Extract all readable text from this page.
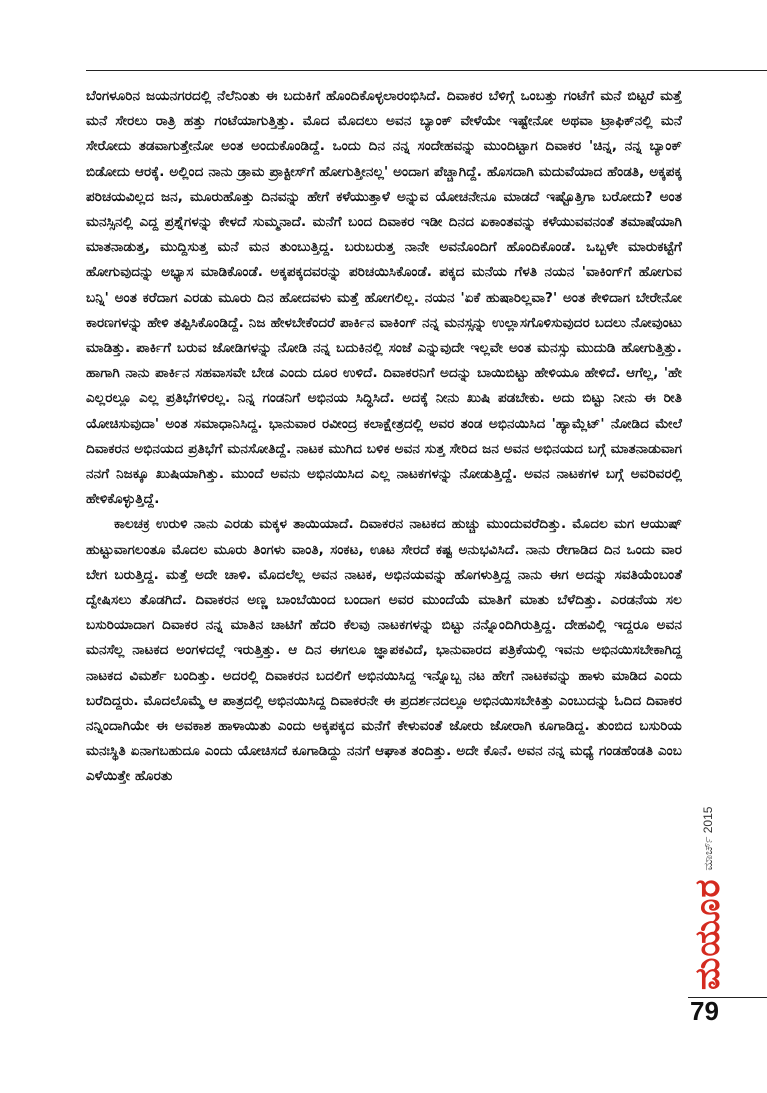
ಬೆಂಗಳೂರಿನ ಜಯನಗರದಲ್ಲಿ ನೆಲೆನಿಂತು ಈ ಬದುಕಿಗೆ ಹೊಂದಿಕೊಳ್ಳಲಾರಂಭಿಸಿದೆ. ದಿವಾಕರ ಬೆಳಿಗ್ಗೆ ಒಂಬತ್ತು ಗಂಟೆಗೆ ಮನೆ ಬಿಟ್ಟರೆ ಮತ್ತೆ ಮನೆ ಸೇರಲು ರಾತ್ರಿ ಹತ್ತು ಗಂಟೆಯಾಗುತ್ತಿತ್ತು. ಮೊದ ಮೊದಲು ಅವನ ಬ್ಯಾಂಕ್ ವೇಳೆಯೇ ಇಷ್ಟೇನೋ ಅಥವಾ ಟ್ರಾಫಿಕ್‌ನಲ್ಲಿ ಮನೆ ಸೇರೋದು ತಡವಾಗುತ್ತೇನೋ ಅಂತ ಅಂದುಕೊಂಡಿದ್ದೆ. ಒಂದು ದಿನ ನನ್ನ ಸಂದೇಹವನ್ನು ಮುಂದಿಟ್ಟಾಗ ದಿವಾಕರ 'ಚಿನ್ನ, ನನ್ನ ಬ್ಯಾಂಕ್ ಬಿಡೋದು ಆರಕ್ಕೆ. ಅಲ್ಲಿಂದ ನಾನು ಡ್ರಾಮ ಪ್ರಾಕ್ಟೀಸ್‌ಗೆ ಹೋಗುತ್ತೀನಲ್ಲ' ಅಂದಾಗ ಪೆಚ್ಚಾಗಿದ್ದೆ. ಹೊಸದಾಗಿ ಮದುವೆಯಾದ ಹೆಂಡತಿ, ಅಕ್ಕಪಕ್ಕ ಪರಿಚಯವಿಲ್ಲದ ಜನ, ಮೂರುಹೊತ್ತು ದಿನವನ್ನು ಹೇಗೆ ಕಳೆಯುತ್ತಾಳೆ ಅನ್ನುವ ಯೋಚನೇನೂ ಮಾಡದೆ ಇಷ್ಟೊತ್ತಿಗಾ ಬರೋದು? ಅಂತ ಮನಸ್ಸಿನಲ್ಲಿ ಎದ್ದ ಪ್ರಶ್ನೆಗಳನ್ನು ಕೇಳದೆ ಸುಮ್ಮನಾದೆ. ಮನೆಗೆ ಬಂದ ದಿವಾಕರ ಇಡೀ ದಿನದ ಏಕಾಂತವನ್ನು ಕಳೆಯುವವನಂತೆ ತಮಾಷೆಯಾಗಿ ಮಾತನಾಡುತ್ತ, ಮುದ್ದಿಸುತ್ತ ಮನೆ ಮನ ತುಂಬುತ್ತಿದ್ದ. ಬರುಬರುತ್ತ ನಾನೇ ಅವನೊಂದಿಗೆ ಹೊಂದಿಕೊಂಡೆ. ಒಬ್ಬಳೇ ಮಾರುಕಟ್ಟೆಗೆ ಹೋಗುವುದನ್ನು ಅಭ್ಯಾಸ ಮಾಡಿಕೊಂಡೆ. ಅಕ್ಕಪಕ್ಕದವರನ್ನು ಪರಿಚಯಿಸಿಕೊಂಡೆ. ಪಕ್ಕದ ಮನೆಯ ಗೆಳತಿ ನಯನ 'ವಾಕಿಂಗ್‌ಗೆ ಹೋಗುವ ಬನ್ನಿ' ಅಂತ ಕರೆದಾಗ ಎರಡು ಮೂರು ದಿನ ಹೋದವಳು ಮತ್ತೆ ಹೋಗಲಿಲ್ಲ. ನಯನ 'ಏಕೆ ಹುಷಾರಿಲ್ಲವಾ?' ಅಂತ ಕೇಳಿದಾಗ ಬೇರೇನೋ ಕಾರಣಗಳನ್ನು ಹೇಳಿ ತಪ್ಪಿಸಿಕೊಂಡಿದ್ದೆ. ನಿಜ ಹೇಳಬೇಕೆಂದರೆ ಪಾರ್ಕಿನ ವಾಕಿಂಗ್ ನನ್ನ ಮನಸ್ಸನ್ನು ಉಲ್ಲಾಸಗೊಳಿಸುವುದರ ಬದಲು ನೋವುಂಟು ಮಾಡಿತ್ತು. ಪಾರ್ಕಿಗೆ ಬರುವ ಜೋಡಿಗಳನ್ನು ನೋಡಿ ನನ್ನ ಬದುಕಿನಲ್ಲಿ ಸಂಜೆ ಎನ್ನುವುದೇ ಇಲ್ಲವೇ ಅಂತ ಮನಸ್ಸು ಮುದುಡಿ ಹೋಗುತ್ತಿತ್ತು. ಹಾಗಾಗಿ ನಾನು ಪಾರ್ಕಿನ ಸಹವಾಸವೇ ಬೇಡ ಎಂದು ದೂರ ಉಳಿದೆ. ದಿವಾಕರನಿಗೆ ಅದನ್ನು ಬಾಯಿಬಿಟ್ಟು ಹೇಳಿಯೂ ಹೇಳಿದೆ. ಆಗೆಲ್ಲ, 'ಹೇ ಎಲ್ಲರಲ್ಲೂ ಎಲ್ಲ ಪ್ರತಿಭೆಗಳಿರಲ್ಲ. ನಿನ್ನ ಗಂಡನಿಗೆ ಅಭಿನಯ ಸಿದ್ಧಿಸಿದೆ. ಅದಕ್ಕೆ ನೀನು ಖುಷಿ ಪಡಬೇಕು. ಅದು ಬಿಟ್ಟು ನೀನು ಈ ರೀತಿ ಯೋಚಿಸುವುದಾ' ಅಂತ ಸಮಾಧಾನಿಸಿದ್ದ. ಭಾನುವಾರ ರವೀಂದ್ರ ಕಲಾಕ್ಷೇತ್ರದಲ್ಲಿ ಅವರ ತಂಡ ಅಭಿನಯಿಸಿದ 'ಹ್ಯಾಮ್ಲೆಟ್' ನೋಡಿದ ಮೇಲೆ ದಿವಾಕರನ ಅಭಿನಯದ ಪ್ರತಿಭೆಗೆ ಮನಸೋತಿದ್ದೆ. ನಾಟಕ ಮುಗಿದ ಬಳಿಕ ಅವನ ಸುತ್ತ ಸೇರಿದ ಜನ ಅವನ ಅಭಿನಯದ ಬಗ್ಗೆ ಮಾತನಾಡುವಾಗ ನನಗೆ ನಿಜಕ್ಕೂ ಖುಷಿಯಾಗಿತ್ತು. ಮುಂದೆ ಅವನು ಅಭಿನಯಿಸಿದ ಎಲ್ಲ ನಾಟಕಗಳನ್ನು ನೋಡುತ್ತಿದ್ದೆ. ಅವನ ನಾಟಕಗಳ ಬಗ್ಗೆ ಅವರಿವರಲ್ಲಿ ಹೇಳಿಕೊಳ್ಳುತ್ತಿದ್ದೆ.

ಕಾಲಚಕ್ರ ಉರುಳಿ ನಾನು ಎರಡು ಮಕ್ಕಳ ತಾಯಿಯಾದೆ. ದಿವಾಕರನ ನಾಟಕದ ಹುಚ್ಚು ಮುಂದುವರೆದಿತ್ತು. ಮೊದಲ ಮಗ ಆಯುಷ್ ಹುಟ್ಟುವಾಗಲಂತೂ ಮೊದಲ ಮೂರು ತಿಂಗಳು ವಾಂತಿ, ಸಂಕಟ, ಊಟ ಸೇರದೆ ಕಷ್ಟ ಅನುಭವಿಸಿದೆ. ನಾನು ರೇಗಾಡಿದ ದಿನ ಒಂದು ವಾರ ಬೇಗ ಬರುತ್ತಿದ್ದ. ಮತ್ತೆ ಅದೇ ಚಾಳಿ. ಮೊದಲೆಲ್ಲ ಅವನ ನಾಟಕ, ಅಭಿನಯವನ್ನು ಹೊಗಳುತ್ತಿದ್ದ ನಾನು ಈಗ ಅದನ್ನು ಸವತಿಯೆಂಬಂತೆ ದ್ವೇಷಿಸಲು ತೊಡಗಿದೆ. ದಿವಾಕರನ ಅಣ್ಣ ಬಾಂಬೆಯಿಂದ ಬಂದಾಗ ಅವರ ಮುಂದೆಯೆ ಮಾತಿಗೆ ಮಾತು ಬೆಳೆದಿತ್ತು. ಎರಡನೆಯ ಸಲ ಬಸುರಿಯಾದಾಗ ದಿವಾಕರ ನನ್ನ ಮಾತಿನ ಚಾಟಿಗೆ ಹೆದರಿ ಕೆಲವು ನಾಟಕಗಳನ್ನು ಬಿಟ್ಟು ನನ್ನೊಂದಿಗಿರುತ್ತಿದ್ದ. ದೇಹವಿಲ್ಲಿ ಇದ್ದರೂ ಅವನ ಮನಸೆಲ್ಲ ನಾಟಕದ ಅಂಗಳದಲ್ಲೆ ಇರುತ್ತಿತ್ತು. ಆ ದಿನ ಈಗಲೂ ಜ್ಞಾಪಕವಿದೆ, ಭಾನುವಾರದ ಪತ್ರಿಕೆಯಲ್ಲಿ ಇವನು ಅಭಿನಯಿಸಬೇಕಾಗಿದ್ದ ನಾಟಕದ ವಿಮರ್ಶೆ ಬಂದಿತ್ತು. ಅದರಲ್ಲಿ ದಿವಾಕರನ ಬದಲಿಗೆ ಅಭಿನಯಿಸಿದ್ದ ಇನ್ನೊಬ್ಬ ನಟ ಹೇಗೆ ನಾಟಕವನ್ನು ಹಾಳು ಮಾಡಿದ ಎಂದು ಬರೆದಿದ್ದರು. ಮೊದಲೊಮ್ಮೆ ಆ ಪಾತ್ರದಲ್ಲಿ ಅಭಿನಯಿಸಿದ್ದ ದಿವಾಕರನೇ ಈ ಪ್ರದರ್ಶನದಲ್ಲೂ ಅಭಿನಯಿಸಬೇಕಿತ್ತು ಎಂಬುದನ್ನು ಓದಿದ ದಿವಾಕರ ನನ್ನಿಂದಾಗಿಯೇ ಈ ಅವಕಾಶ ಹಾಳಾಯಿತು ಎಂದು ಅಕ್ಕಪಕ್ಕದ ಮನೆಗೆ ಕೇಳುವಂತೆ ಜೋರು ಜೋರಾಗಿ ಕೂಗಾಡಿದ್ದ. ತುಂಬಿದ ಬಸುರಿಯ ಮನಃಸ್ಥಿತಿ ಏನಾಗಬಹುದೂ ಎಂದು ಯೋಚಿಸದೆ ಕೂಗಾಡಿದ್ದು ನನಗೆ ಆಘಾತ ತಂದಿತ್ತು. ಅದೇ ಕೊನೆ. ಅವನ ನನ್ನ ಮಧ್ಯೆ ಗಂಡಹೆಂಡತಿ ಎಂಬ ಎಳೆಯಿತ್ತೇ ಹೊರತು

ಮಯೂರ
ಮಾರ್ಚ್ 2015
79
